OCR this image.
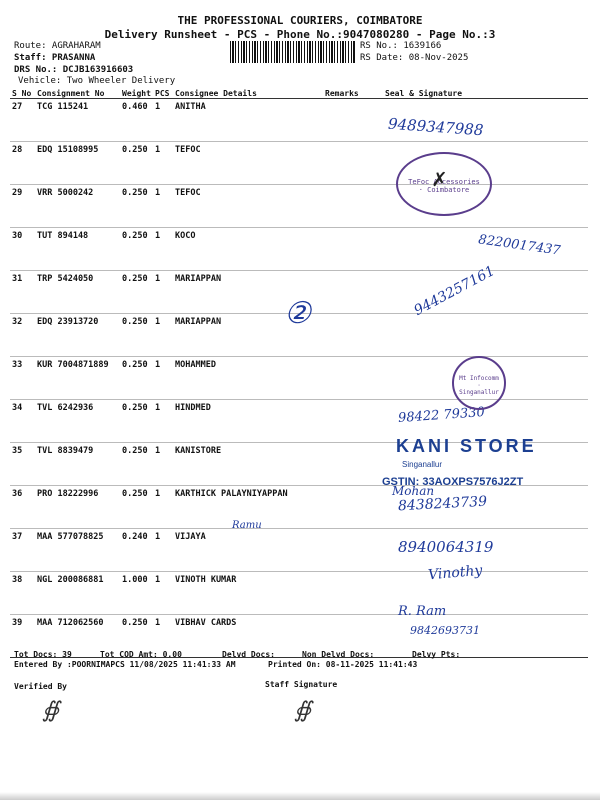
THE PROFESSIONAL COURIERS, COIMBATORE
Delivery Runsheet - PCS - Phone No.:9047080280 - Page No.:3
Route: AGRAHARAM
Staff: PRASANNA
DRS No.: DCJB163916603
Vehicle: Two Wheeler Delivery
RS No.: 1639166
RS Date: 08-Nov-2025
S No	Consignment No	Weight	PCS	Consignee Details	Remarks	Seal & Signature
27	TCG 115241	0.460	1	ANITHA		
28	EDQ 15108995	0.250	1	TEFOC		
29	VRR 5000242	0.250	1	TEFOC		
30	TUT 894148	0.250	1	KOCO		
31	TRP 5424050	0.250	1	MARIAPPAN		
32	EDQ 23913720	0.250	1	MARIAPPAN		
33	KUR 7004871889	0.250	1	MOHAMMED		
34	TVL 6242936	0.250	1	HINDMED		
35	TVL 8839479	0.250	1	KANISTORE		
36	PRO 18222996	0.250	1	KARTHICK PALAYNIYAPPAN		
37	MAA 577078825	0.240	1	VIJAYA		
38	NGL 200086881	1.000	1	VINOTH KUMAR		
39	MAA 712062560	0.250	1	VIBHAV CARDS		
9489347988
8220017437
9443257161
②
98422 79330
Mohan
8438243739
Ramu
8940064319
Vinothy
R. Ram
9842693731
TeFoc Accessories · Coimbatore
✗
Mt Infocomm · Singanallur
KANI STORE
Singanallur
GSTIN: 33AOXPS7576J2ZT
Tot Docs: 39	Tot COD Amt: 0.00	Delvd Docs:	Non Delvd Docs:	Delvy Pts:
Entered By :POORNIMAPCS 11/08/2025 11:41:33 AM	Printed On: 08-11-2025 11:41:43
Verified By	Staff Signature
∯	∯
